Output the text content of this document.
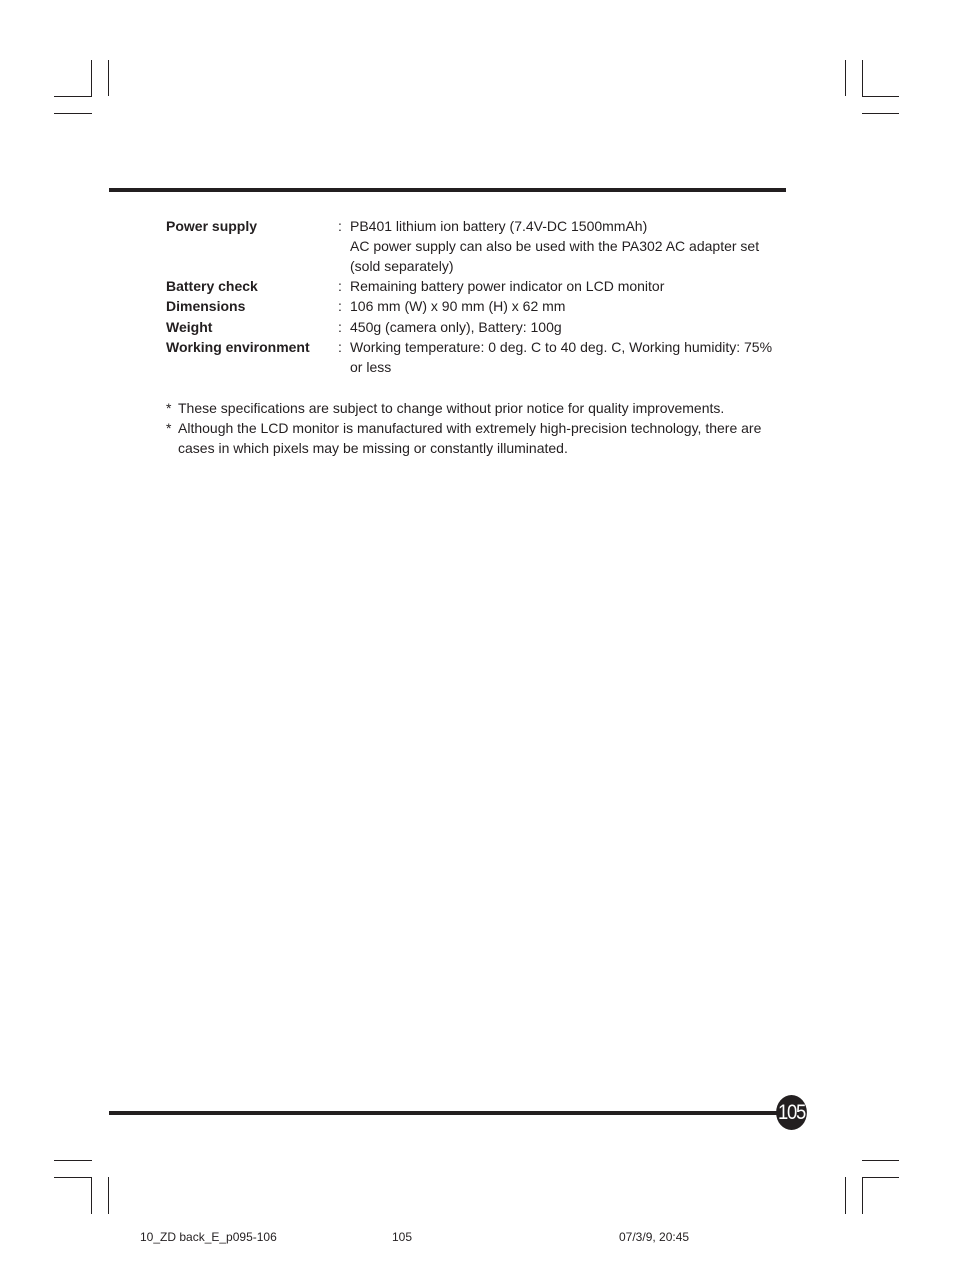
Power supply	: PB401 lithium ion battery (7.4V-DC 1500mmAh)
AC power supply can also be used with the PA302 AC adapter set
(sold separately)
Battery check	: Remaining battery power indicator on LCD monitor
Dimensions	: 106 mm (W) x 90 mm (H) x 62 mm
Weight	: 450g (camera only), Battery: 100g
Working environment : Working temperature: 0 deg. C to 40 deg. C, Working humidity: 75%
or less
* These specifications are subject to change without prior notice for quality improvements.
* Although the LCD monitor is manufactured with extremely high-precision technology, there are
cases in which pixels may be missing or constantly illuminated.
105
10_ZD back_E_p095-106	105	07/3/9, 20:45
